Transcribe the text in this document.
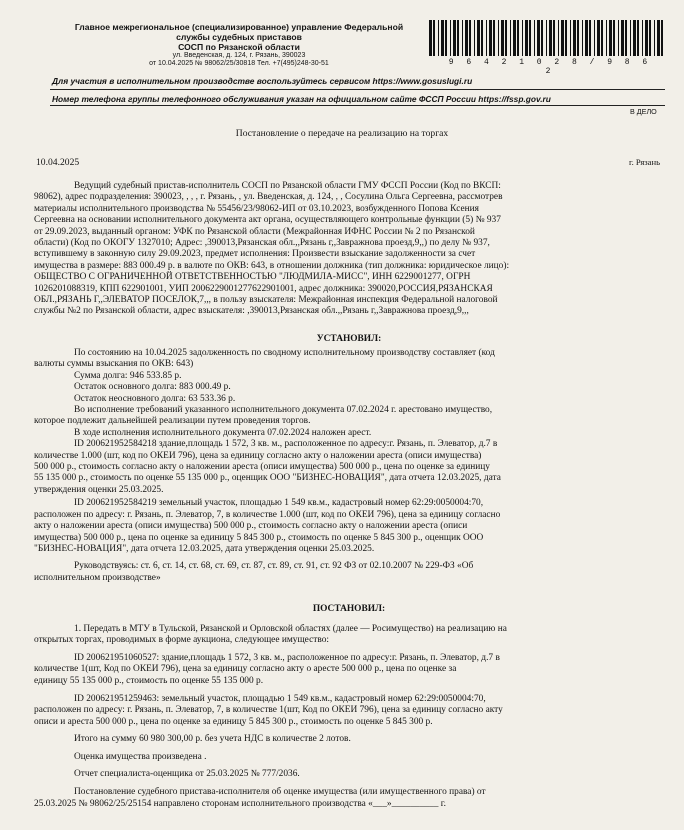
Главное межрегиональное (специализированное) управление Федеральной
службы судебных приставов
СОСП по Рязанской области
ул. Введенская, д. 124, г. Рязань, 390023
от 10.04.2025 № 98062/25/30818 Тел. +7(495)248-30-51	9 6 4 2 1 0 2 8 / 9 8 6 2
Для участия в исполнительном производстве воспользуйтесь сервисом https://www.gosuslugi.ru
Номер телефона группы телефонного обслуживания указан на официальном сайте ФССП России https://fssp.gov.ru
В ДЕЛО
Постановление о передаче на реализацию на торгах
10.04.2025	г. Рязань
Ведущий судебный пристав-исполнитель СОСП по Рязанской области ГМУ ФССП России (Код по ВКСП:
98062), адрес подразделения: 390023, , , , г. Рязань, , ул. Введенская, д. 124, , , Сосулина Ольга Сергеевна, рассмотрев
материалы исполнительного производства № 55456/23/98062-ИП от 03.10.2023, возбужденного Попова Ксения
Сергеевна на основании исполнительного документа акт органа, осуществляющего контрольные функции (5) № 937
от 29.09.2023, выданный органом: УФК по Рязанской области (Межрайонная ИФНС России № 2 по Рязанской
области) (Код по ОКОГУ 1327010; Адрес: ,390013,Рязанская обл.,,Рязань г,,Завражнова проезд,9,,) по делу № 937,
вступившему в законную силу 29.09.2023, предмет исполнения: Произвести взыскание задолженности за счет
имущества в размере: 883 000.49 р. в валюте по ОКВ: 643, в отношении должника (тип должника: юридическое лицо):
ОБЩЕСТВО С ОГРАНИЧЕННОЙ ОТВЕТСТВЕННОСТЬЮ "ЛЮДМИЛА-МИСС", ИНН 6229001277, ОГРН
1026201088319, КПП 622901001, УИП 2006229001277622901001, адрес должника: 390020,РОССИЯ,РЯЗАНСКАЯ
ОБЛ.,РЯЗАНЬ Г,,ЭЛЕВАТОР ПОСЕЛОК,7,,, в пользу взыскателя: Межрайонная инспекция Федеральной налоговой
службы №2 по Рязанской области, адрес взыскателя: ,390013,Рязанская обл.,,Рязань г,,Завражнова проезд,9,,,
УСТАНОВИЛ:
По состоянию на 10.04.2025 задолженность по сводному исполнительному производству составляет (код
валюты суммы взыскания по ОКВ: 643)
Сумма долга: 946 533.85 р.
Остаток основного долга: 883 000.49 р.
Остаток неосновного долга: 63 533.36 р.
Во исполнение требований указанного исполнительного документа 07.02.2024 г. арестовано имущество,
которое подлежит дальнейшей реализации путем проведения торгов.
В ходе исполнения исполнительного документа 07.02.2024 наложен арест.
ID 200621952584218 здание,площадь 1 572, 3 кв. м., расположенное по адресу:г. Рязань, п. Элеватор, д.7 в
количестве 1.000 (шт, код по ОКЕИ 796), цена за единицу согласно акту о наложении ареста (описи имущества)
500 000 р., стоимость согласно акту о наложении ареста (описи имущества) 500 000 р., цена по оценке за единицу
55 135 000 р., стоимость по оценке 55 135 000 р., оценщик ООО "БИЗНЕС-НОВАЦИЯ", дата отчета 12.03.2025, дата
утверждения оценки 25.03.2025.
ID 200621952584219 земельный участок, площадью 1 549 кв.м., кадастровый номер 62:29:0050004:70,
расположен по адресу: г. Рязань, п. Элеватор, 7, в количестве 1.000 (шт, код по ОКЕИ 796), цена за единицу согласно
акту о наложении ареста (описи имущества) 500 000 р., стоимость согласно акту о наложении ареста (описи
имущества) 500 000 р., цена по оценке за единицу 5 845 300 р., стоимость по оценке 5 845 300 р., оценщик ООО
"БИЗНЕС-НОВАЦИЯ", дата отчета 12.03.2025, дата утверждения оценки 25.03.2025.
Руководствуясь: ст. 6, ст. 14, ст. 68, ст. 69, ст. 87, ст. 89, ст. 91, ст. 92 ФЗ от 02.10.2007 № 229-ФЗ «Об
исполнительном производстве»
ПОСТАНОВИЛ:
1. Передать в МТУ в Тульской, Рязанской и Орловской областях (далее — Росимущество) на реализацию на
открытых торгах, проводимых в форме аукциона, следующее имущество:
ID 200621951060527: здание,площадь 1 572, 3 кв. м., расположенное по адресу:г. Рязань, п. Элеватор, д.7 в
количестве 1(шт, Код по ОКЕИ 796), цена за единицу согласно акту о аресте 500 000 р., цена по оценке за
единицу 55 135 000 р., стоимость по оценке 55 135 000 р.
ID 200621951259463: земельный участок, площадью 1 549 кв.м., кадастровый номер 62:29:0050004:70,
расположен по адресу: г. Рязань, п. Элеватор, 7, в количестве 1(шт, Код по ОКЕИ 796), цена за единицу согласно акту
описи и ареста 500 000 р., цена по оценке за единицу 5 845 300 р., стоимость по оценке 5 845 300 р.
Итого на сумму 60 980 300,00 р. без учета НДС в количестве 2 лотов.
Оценка имущества произведена .
Отчет специалиста-оценщика от 25.03.2025 № 777/2036.
Постановление судебного пристава-исполнителя об оценке имущества (или имущественного права) от
25.03.2025 № 98062/25/25154 направлено сторонам исполнительного производства «___»__________ г.
